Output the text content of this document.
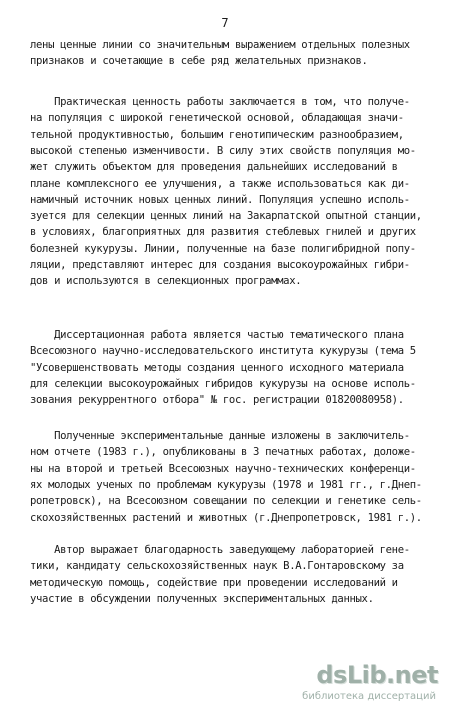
7
лены ценные линии со значительным выражением отдельных полезных
признаков и сочетающие в себе ряд желательных признаков.
Практическая ценность работы заключается в том, что получе-
на популяция с широкой генетической основой, обладающая значи-
тельной продуктивностью, большим генотипическим разнообразием,
высокой степенью изменчивости. В силу этих свойств популяция мо-
жет служить объектом для проведения дальнейших исследований в
плане комплексного ее улучшения, а также использоваться как ди-
намичный источник новых ценных линий. Популяция успешно исполь-
зуется для селекции ценных линий на Закарпатской опытной станции,
в условиях, благоприятных для развития стеблевых гнилей и других
болезней кукурузы. Линии, полученные на базе полигибридной попу-
ляции, представляют интерес для создания высокоурожайных гибри-
дов и используются в селекционных программах.
Диссертационная работа является частью тематического плана
Всесоюзного научно-исследовательского института кукурузы (тема 5
"Усовершенствовать методы создания ценного исходного материала
для селекции высокоурожайных гибридов кукурузы на основе исполь-
зования рекуррентного отбора" № гос. регистрации 01820080958).
Полученные экспериментальные данные изложены в заключитель-
ном отчете (1983 г.), опубликованы в 3 печатных работах, доложе-
ны на второй и третьей Всесоюзных научно-технических конференци-
ях молодых ученых по проблемам кукурузы (1978 и 1981 гг., г.Днеп-
ропетровск), на Всесоюзном совещании по селекции и генетике сель-
скохозяйственных растений и животных (г.Днепропетровск, 1981 г.).
Автор выражает благодарность заведующему лабораторией генe-
тики, кандидату сельскохозяйственных наук В.А.Гонтаровскому за
методическую помощь, содействие при проведении исследований и
участие в обсуждении полученных экспериментальных данных.
dsLib.net
библиотека диссертаций
